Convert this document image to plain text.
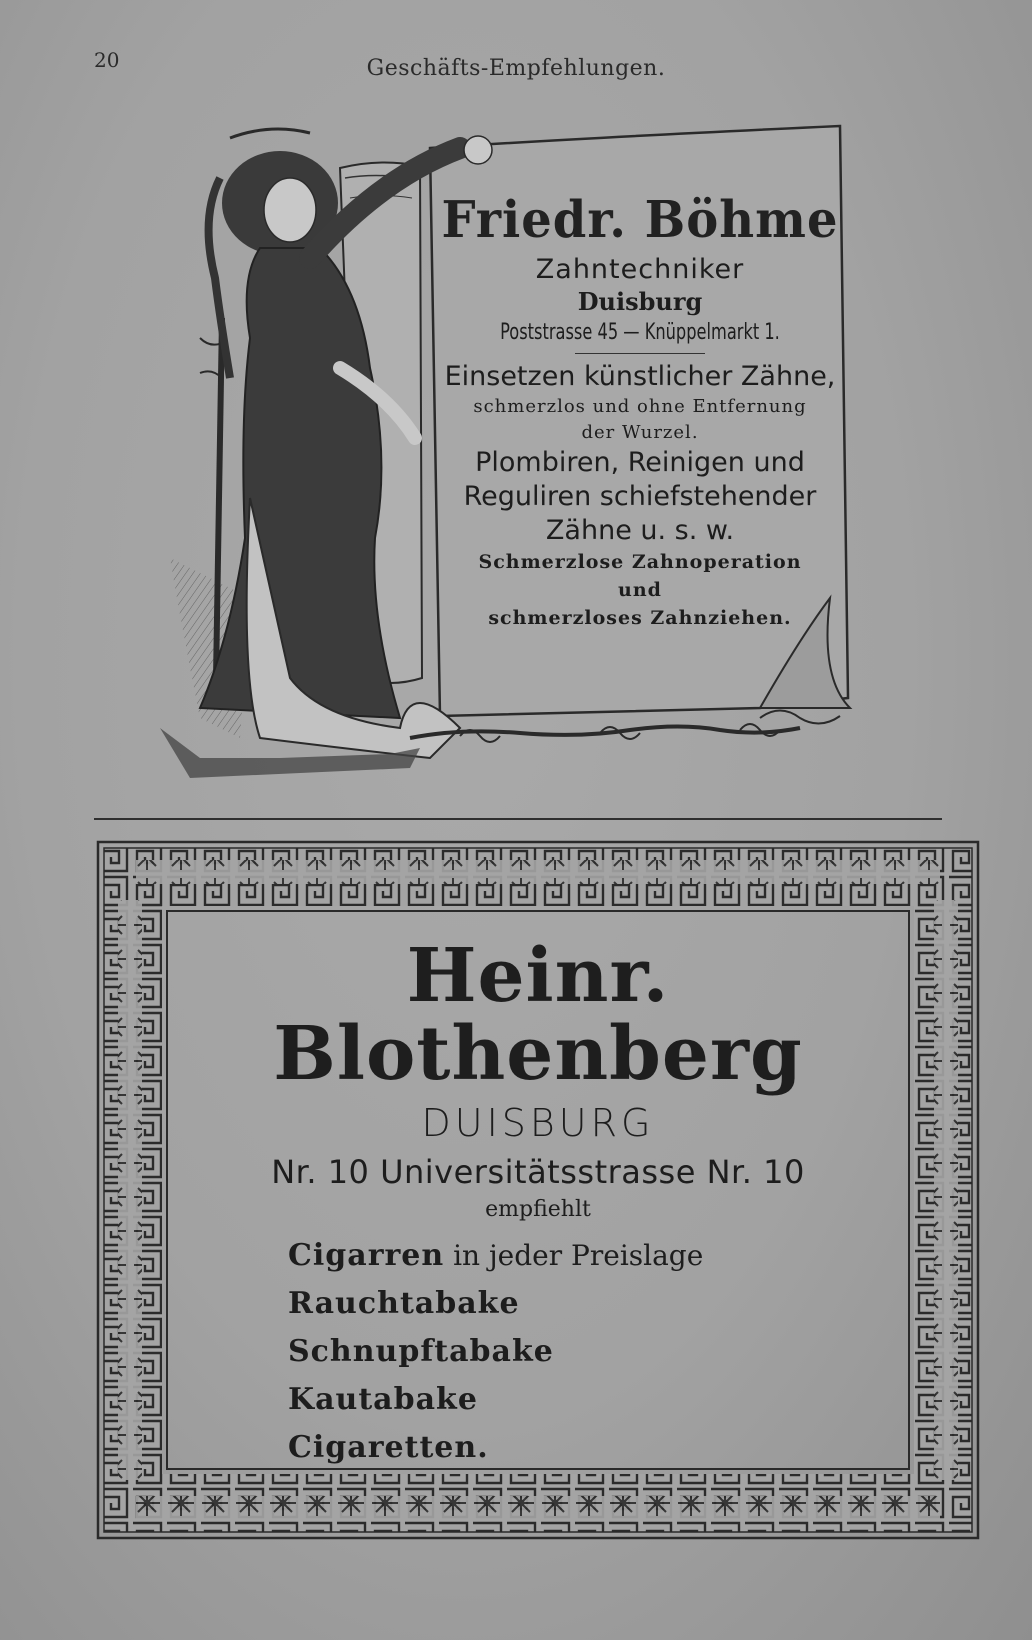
20	Geschäfts-Empfehlungen.
Friedr. Böhme
Zahntechniker
Duisburg
Poststrasse 45 — Knüppelmarkt 1.
Einsetzen künstlicher Zähne,
schmerzlos und ohne Entfernung
der Wurzel.
Plombiren, Reinigen und
Reguliren schiefstehender
Zähne u. s. w.
Schmerzlose Zahnoperation
und
schmerzloses Zahnziehen.
Heinr. Blothenberg
DUISBURG
Nr. 10 Universitätsstrasse Nr. 10
empfiehlt
Cigarren in jeder Preislage
Rauchtabake
Schnupftabake
Kautabake
Cigaretten.
